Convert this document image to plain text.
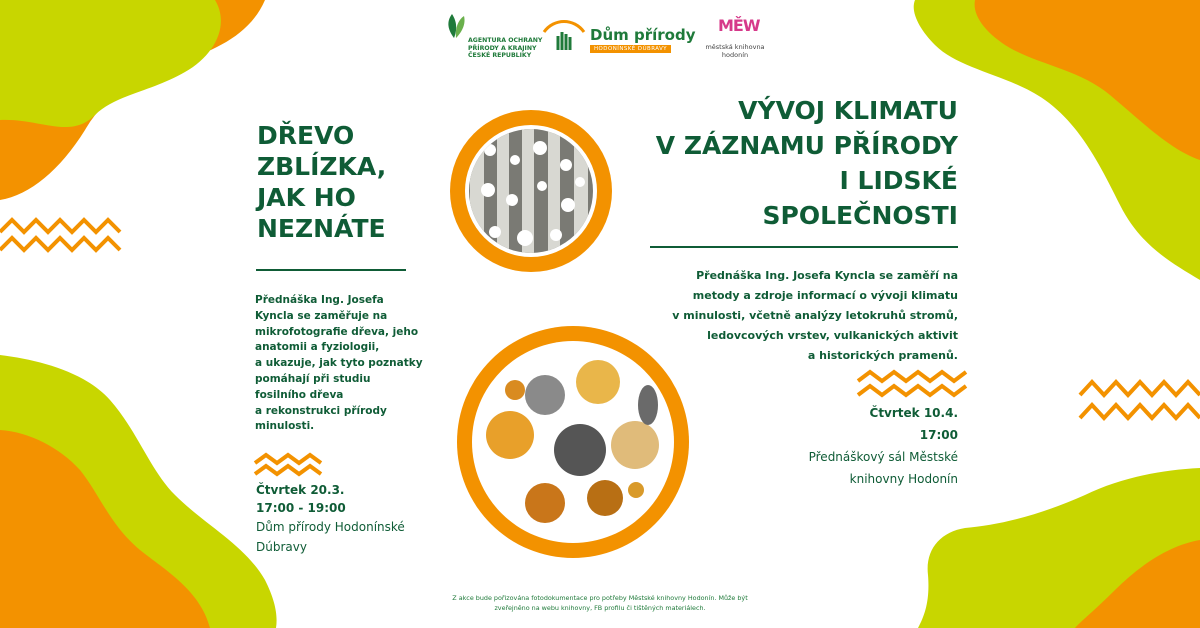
AGENTURA OCHRANY
PŘÍRODY A KRAJINY
ČESKÉ REPUBLIKY
Dům přírody
HODONÍNSKÉ DÚBRAVY
MĚW
městská knihovna
hodonín
DŘEVO
ZBLÍZKA,
JAK HO
NEZNÁTE
Přednáška Ing. Josefa
Kyncla se zaměřuje na
mikrofotografie dřeva, jeho
anatomii a fyziologii,
a ukazuje, jak tyto poznatky
pomáhají při studiu
fosilního dřeva
a rekonstrukci přírody
minulosti.
Čtvrtek 20.3.
17:00 - 19:00
Dům přírody Hodonínské
Dúbravy
VÝVOJ KLIMATU
V ZÁZNAMU PŘÍRODY
I LIDSKÉ
SPOLEČNOSTI
Přednáška Ing. Josefa Kyncla se zaměří na
metody a zdroje informací o vývoji klimatu
v minulosti, včetně analýzy letokruhů stromů,
ledovcových vrstev, vulkanických aktivit
a historických pramenů.
Čtvrtek 10.4.
17:00
Přednáškový sál Městské
knihovny Hodonín
Z akce bude pořizována fotodokumentace pro potřeby Městské knihovny Hodonín. Může být
zveřejněno na webu knihovny, FB profilu či tištěných materiálech.
